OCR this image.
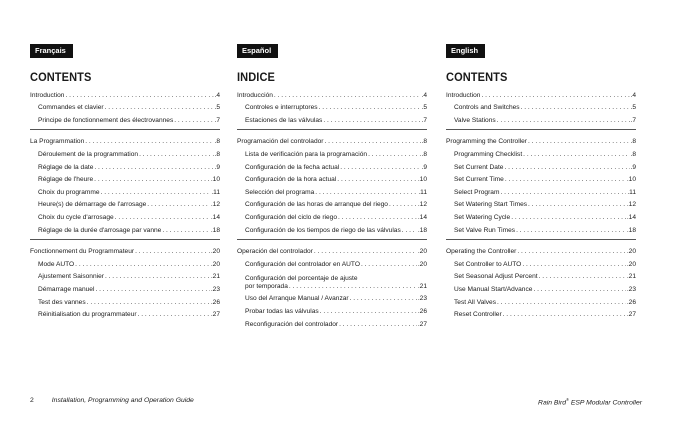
Français
CONTENTS
Introduction . . .	.4
Commandes et clavier . . .	.5
Principe de fonctionnement des électrovannes . . .	.7
La Programmation . . .	.8
Déroulement de la programmation . . .	.8
Réglage de la date . . .	.9
Réglage de l'heure . . .	.10
Choix du programme . . .	.11
Heure(s) de démarrage de l'arrosage . . .	.12
Choix du cycle d'arrosage . . .	.14
Réglage de la durée d'arrosage par vanne . . .	.18
Fonctionnement du Programmateur . . .	.20
Mode AUTO . . .	.20
Ajustement Saisonnier . . .	.21
Démarrage manuel . . .	.23
Test des vannes . . .	.26
Réinitialisation du programmateur . . .	.27
Español
INDICE
Introducción . . .	.4
Controles e interruptores . . .	.5
Estaciones de las válvulas . . .	.7
Programación del controlador . . .	.8
Lista de verificación para la programación . . .	.8
Configuración de la fecha actual . . .	.9
Configuración de la hora actual . . .	.10
Selección del programa . . .	.11
Configuración de las horas de arranque del riego . . .	.12
Configuración del ciclo de riego . . .	.14
Configuración de los tiempos de riego de las válvulas . . .	.18
Operación del controlador . . .	.20
Configuración del controlador en AUTO . . .	.20
Configuración del porcentaje de ajuste
por temporada . . .	.21
Uso del Arranque Manual / Avanzar . . .	.23
Probar todas las válvulas . . .	.26
Reconfiguración del controlador . . .	.27
English
CONTENTS
Introduction . . .	.4
Controls and Switches . . .	.5
Valve Stations . . .	.7
Programming the Controller . . .	.8
Programming Checklist . . .	.8
Set Current Date . . .	.9
Set Current Time . . .	.10
Select Program . . .	.11
Set Watering Start Times . . .	.12
Set Watering Cycle . . .	.14
Set Valve Run Times . . .	.18
Operating the Controller . . .	.20
Set Controller to AUTO . . .	.20
Set Seasonal Adjust Percent . . .	.21
Use Manual Start/Advance . . .	.23
Test All Valves . . .	.26
Reset Controller . . .	.27
2	Installation, Programming and Operation Guide	Rain Bird® ESP Modular Controller
